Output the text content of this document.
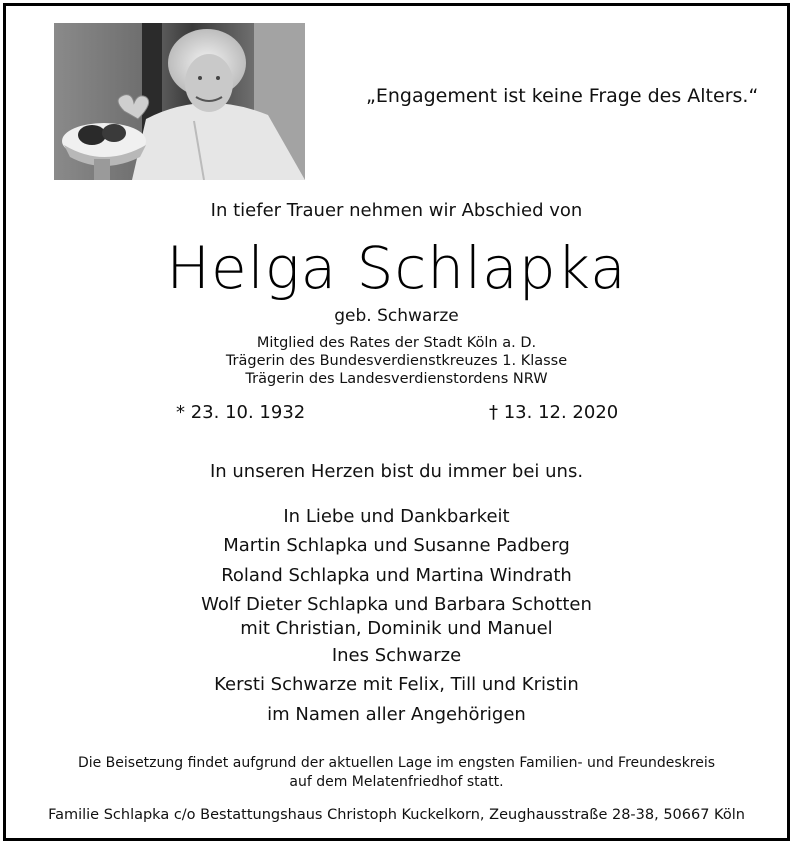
„Engagement ist keine Frage des Alters.“
In tiefer Trauer nehmen wir Abschied von
Helga Schlapka
geb. Schwarze
Mitglied des Rates der Stadt Köln a. D.
Trägerin des Bundesverdienstkreuzes 1. Klasse
Trägerin des Landesverdienstordens NRW
* 23. 10. 1932	† 13. 12. 2020
In unseren Herzen bist du immer bei uns.
In Liebe und Dankbarkeit
Martin Schlapka und Susanne Padberg
Roland Schlapka und Martina Windrath
Wolf Dieter Schlapka und Barbara Schotten
mit Christian, Dominik und Manuel
Ines Schwarze
Kersti Schwarze mit Felix, Till und Kristin
im Namen aller Angehörigen
Die Beisetzung findet aufgrund der aktuellen Lage im engsten Familien- und Freundeskreis
auf dem Melatenfriedhof statt.
Familie Schlapka c/o Bestattungshaus Christoph Kuckelkorn, Zeughausstraße 28-38, 50667 Köln
